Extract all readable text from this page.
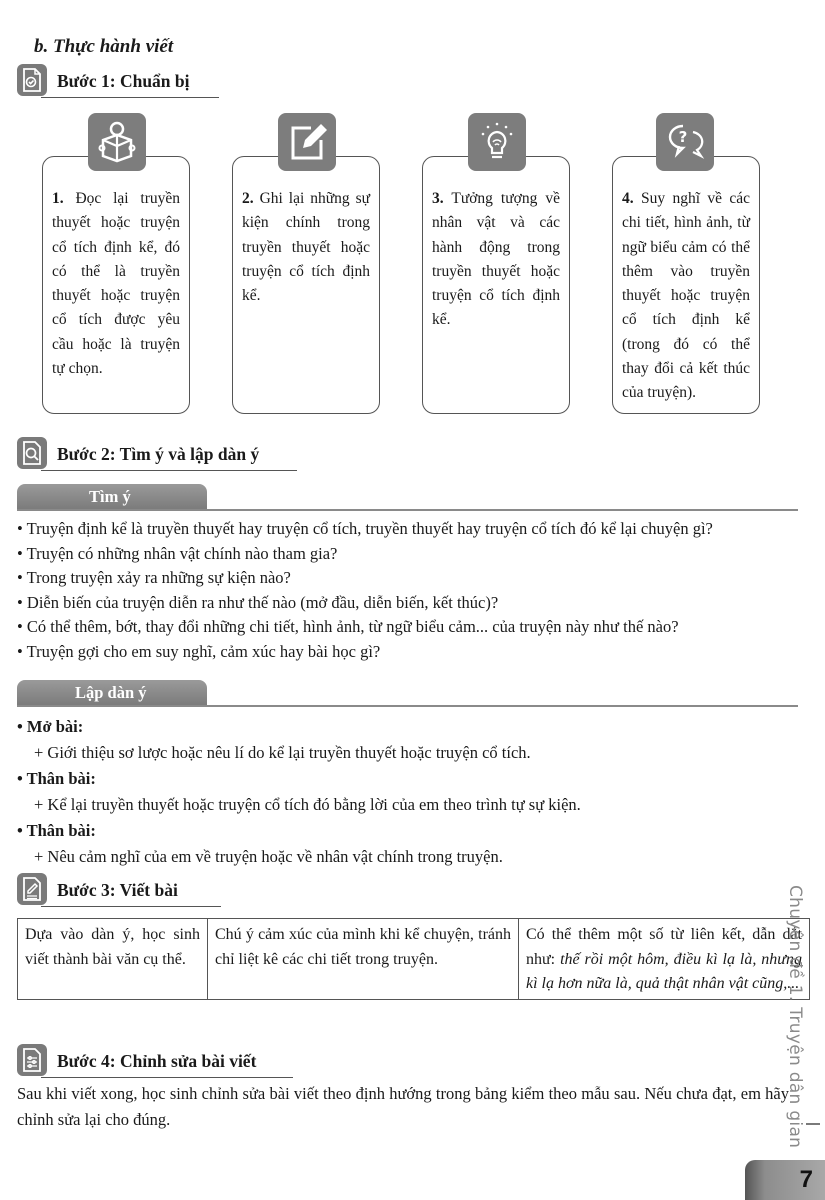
b. Thực hành viết
Bước 1: Chuẩn bị
1. Đọc lại truyền thuyết hoặc truyện cổ tích định kể, đó có thể là truyền thuyết hoặc truyện cổ tích được yêu cầu hoặc là truyện tự chọn.
2. Ghi lại những sự kiện chính trong truyền thuyết hoặc truyện cổ tích định kể.
3. Tưởng tượng về nhân vật và các hành động trong truyền thuyết hoặc truyện cổ tích định kể.
4. Suy nghĩ về các chi tiết, hình ảnh, từ ngữ biểu cảm có thể thêm vào truyền thuyết hoặc truyện cổ tích định kể (trong đó có thể thay đổi cả kết thúc của truyện).
?
Bước 2: Tìm ý và lập dàn ý
Tìm ý
• Truyện định kể là truyền thuyết hay truyện cổ tích, truyền thuyết hay truyện cổ tích đó kể lại chuyện gì?
• Truyện có những nhân vật chính nào tham gia?
• Trong truyện xảy ra những sự kiện nào?
• Diễn biến của truyện diễn ra như thế nào (mở đầu, diễn biến, kết thúc)?
• Có thể thêm, bớt, thay đổi những chi tiết, hình ảnh, từ ngữ biểu cảm... của truyện này như thế nào?
• Truyện gợi cho em suy nghĩ, cảm xúc hay bài học gì?
Lập dàn ý
• Mở bài:
+ Giới thiệu sơ lược hoặc nêu lí do kể lại truyền thuyết hoặc truyện cổ tích.
• Thân bài:
+ Kể lại truyền thuyết hoặc truyện cổ tích đó bằng lời của em theo trình tự sự kiện.
• Thân bài:
+ Nêu cảm nghĩ của em về truyện hoặc về nhân vật chính trong truyện.
Bước 3: Viết bài
Dựa vào dàn ý, học sinh viết thành bài văn cụ thể.	Chú ý cảm xúc của mình khi kể chuyện, tránh chỉ liệt kê các chi tiết trong truyện.	Có thể thêm một số từ liên kết, dẫn dắt như: thế rồi một hôm, điều kì lạ là, nhưng kì lạ hơn nữa là, quả thật nhân vật cũng,...
Bước 4: Chỉnh sửa bài viết
Sau khi viết xong, học sinh chỉnh sửa bài viết theo định hướng trong bảng kiểm theo mẫu sau. Nếu chưa đạt, em hãy chỉnh sửa lại cho đúng.	Chuyên đề 1. Truyện dân gian
7
